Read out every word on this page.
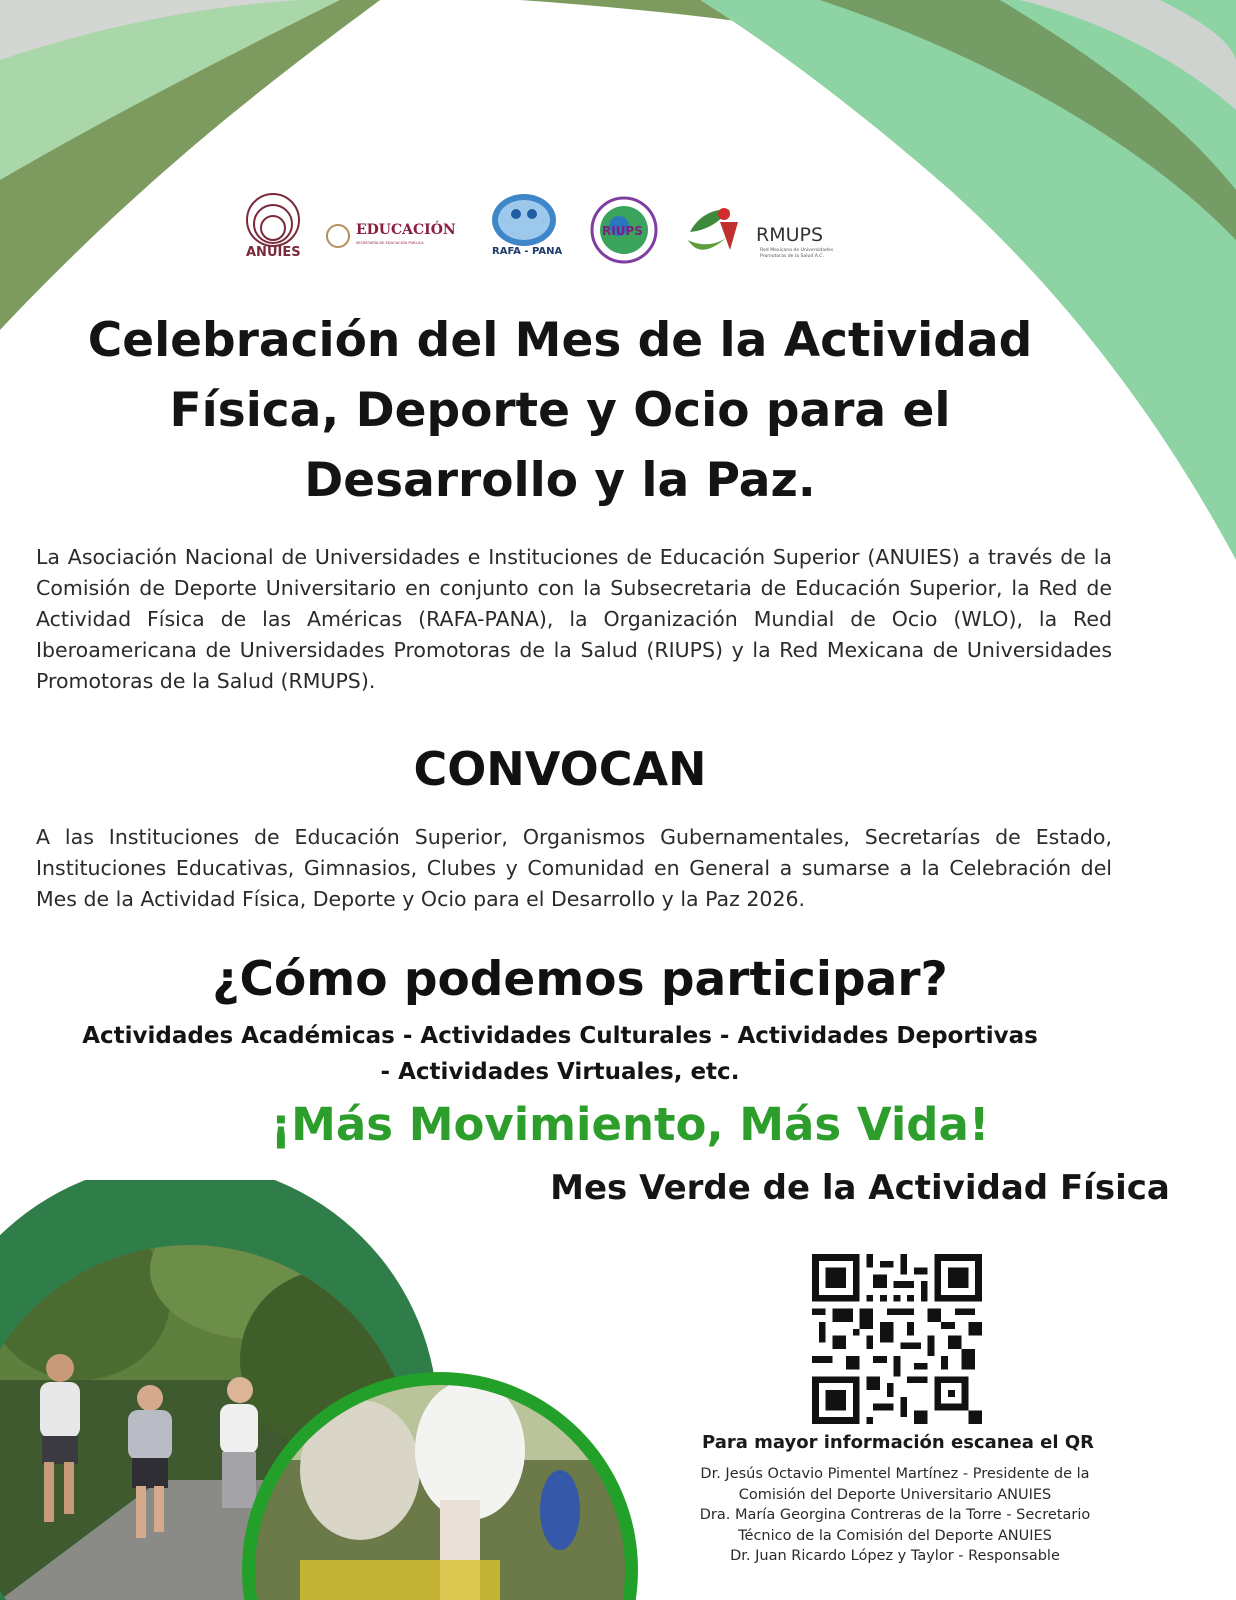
ANUIES
EDUCACIÓN
SECRETARÍA DE EDUCACIÓN PÚBLICA
RAFA - PANA
RIUPS	RMUPS
Red Mexicana de Universidades Promotoras de la Salud A.C.
Celebración del Mes de la Actividad Física, Deporte y Ocio para el Desarrollo y la Paz.

La Asociación Nacional de Universidades e Instituciones de Educación Superior (ANUIES) a través de la Comisión de Deporte Universitario en conjunto con la Subsecretaria de Educación Superior, la Red de Actividad Física de las Américas (RAFA-PANA), la Organización Mundial de Ocio (WLO), la Red Iberoamericana de Universidades Promotoras de la Salud (RIUPS) y la Red Mexicana de Universidades Promotoras de la Salud (RMUPS).

CONVOCAN

A las Instituciones de Educación Superior, Organismos Gubernamentales, Secretarías de Estado, Instituciones Educativas, Gimnasios, Clubes y Comunidad en General a sumarse a la Celebración del Mes de la Actividad Física, Deporte y Ocio para el Desarrollo y la Paz 2026.

¿Cómo podemos participar?
Actividades Académicas - Actividades Culturales - Actividades Deportivas
- Actividades Virtuales, etc.
¡Más Movimiento, Más Vida!
Mes Verde de la Actividad Física

Para mayor información escanea el QR

Dr. Jesús Octavio Pimentel Martínez - Presidente de la
Comisión del Deporte Universitario ANUIES
Dra. María Georgina Contreras de la Torre - Secretario
Técnico de la Comisión del Deporte ANUIES
Dr. Juan Ricardo López y Taylor - Responsable
